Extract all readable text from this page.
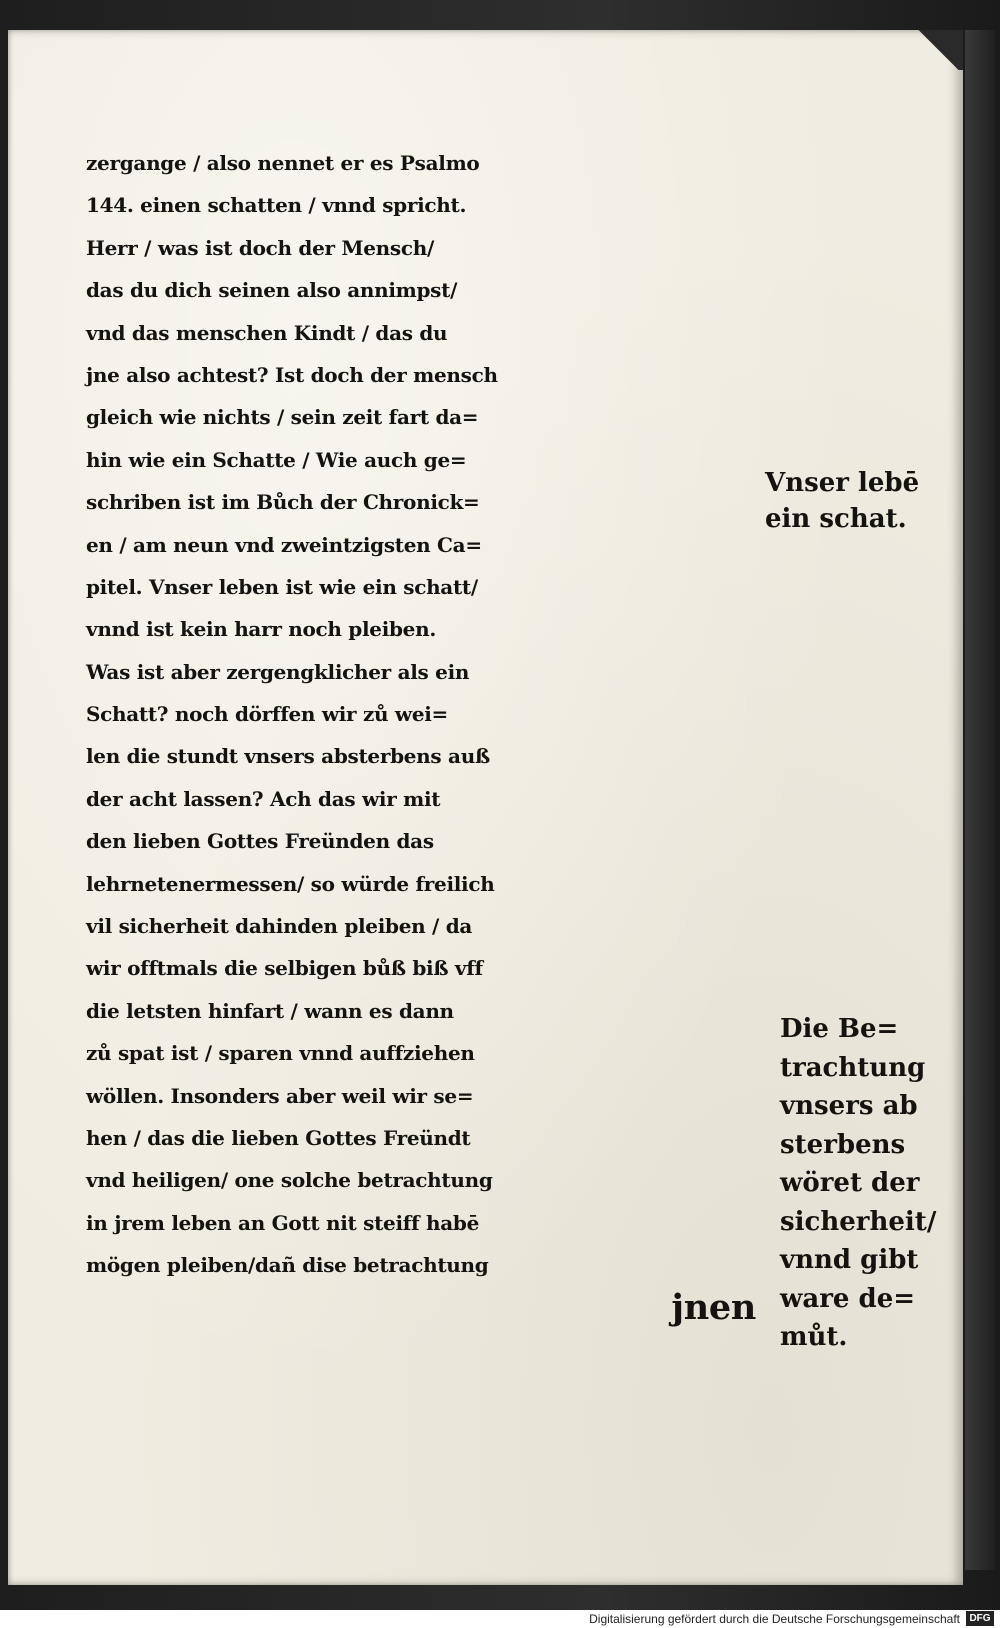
zergange / also nennet er es Psalmo
144. einen schatten / vnnd spricht.
Herr / was ist doch der Mensch/
das du dich seinen also annimpst/
vnd das menschen Kindt / das du
jne also achtest? Ist doch der mensch
gleich wie nichts / sein zeit fart da=
hin wie ein Schatte / Wie auch ge=
schriben ist im Bůch der Chronick=
en / am neun vnd zweintzigsten Ca=
pitel. Vnser leben ist wie ein schatt/
vnnd ist kein harr noch pleiben.
Was ist aber zergengklicher als ein
Schatt? noch dörffen wir zů wei=
len die stundt vnsers absterbens auß
der acht lassen? Ach das wir mit
den lieben Gottes Freünden das
lehrnetenermessen/ so würde freilich
vil sicherheit dahinden pleiben / da
wir offtmals die selbigen bůß biß vff
die letsten hinfart / wann es dann
zů spat ist / sparen vnnd auffziehen
wöllen. Insonders aber weil wir se=
hen / das die lieben Gottes Freündt
vnd heiligen/ one solche betrachtung
in jrem leben an Gott nit steiff habē
mögen pleiben/dañ dise betrachtung
jnen
Vnser lebē
ein schat.
Die Be=
trachtung
vnsers ab
sterbens
wöret der
sicherheit/
vnnd gibt
ware de=
můt.
Digitalisierung gefördert durch die Deutsche Forschungsgemeinschaft DFG
